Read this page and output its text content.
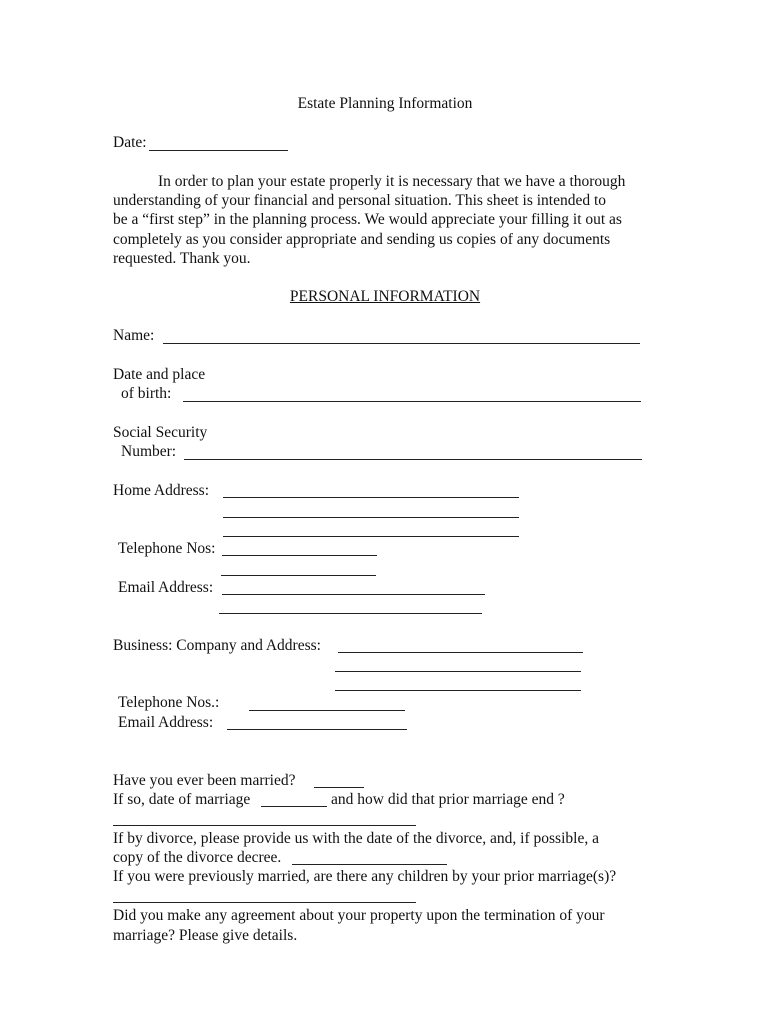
Estate Planning Information
Date:
In order to plan your estate properly it is necessary that we have a thorough
understanding of your financial and personal situation. This sheet is intended to
be a “first step” in the planning process. We would appreciate your filling it out as
completely as you consider appropriate and sending us copies of any documents
requested. Thank you.
PERSONAL INFORMATION
Name:
Date and place
of birth:
Social Security
Number:
Home Address:
Telephone Nos:
Email Address:
Business: Company and Address:
Telephone Nos.:
Email Address:
Have you ever been married?
If so, date of marriage	and how did that prior marriage end ?
If by divorce, please provide us with the date of the divorce, and, if possible, a
copy of the divorce decree.
If you were previously married, are there any children by your prior marriage(s)?
Did you make any agreement about your property upon the termination of your
marriage? Please give details.
